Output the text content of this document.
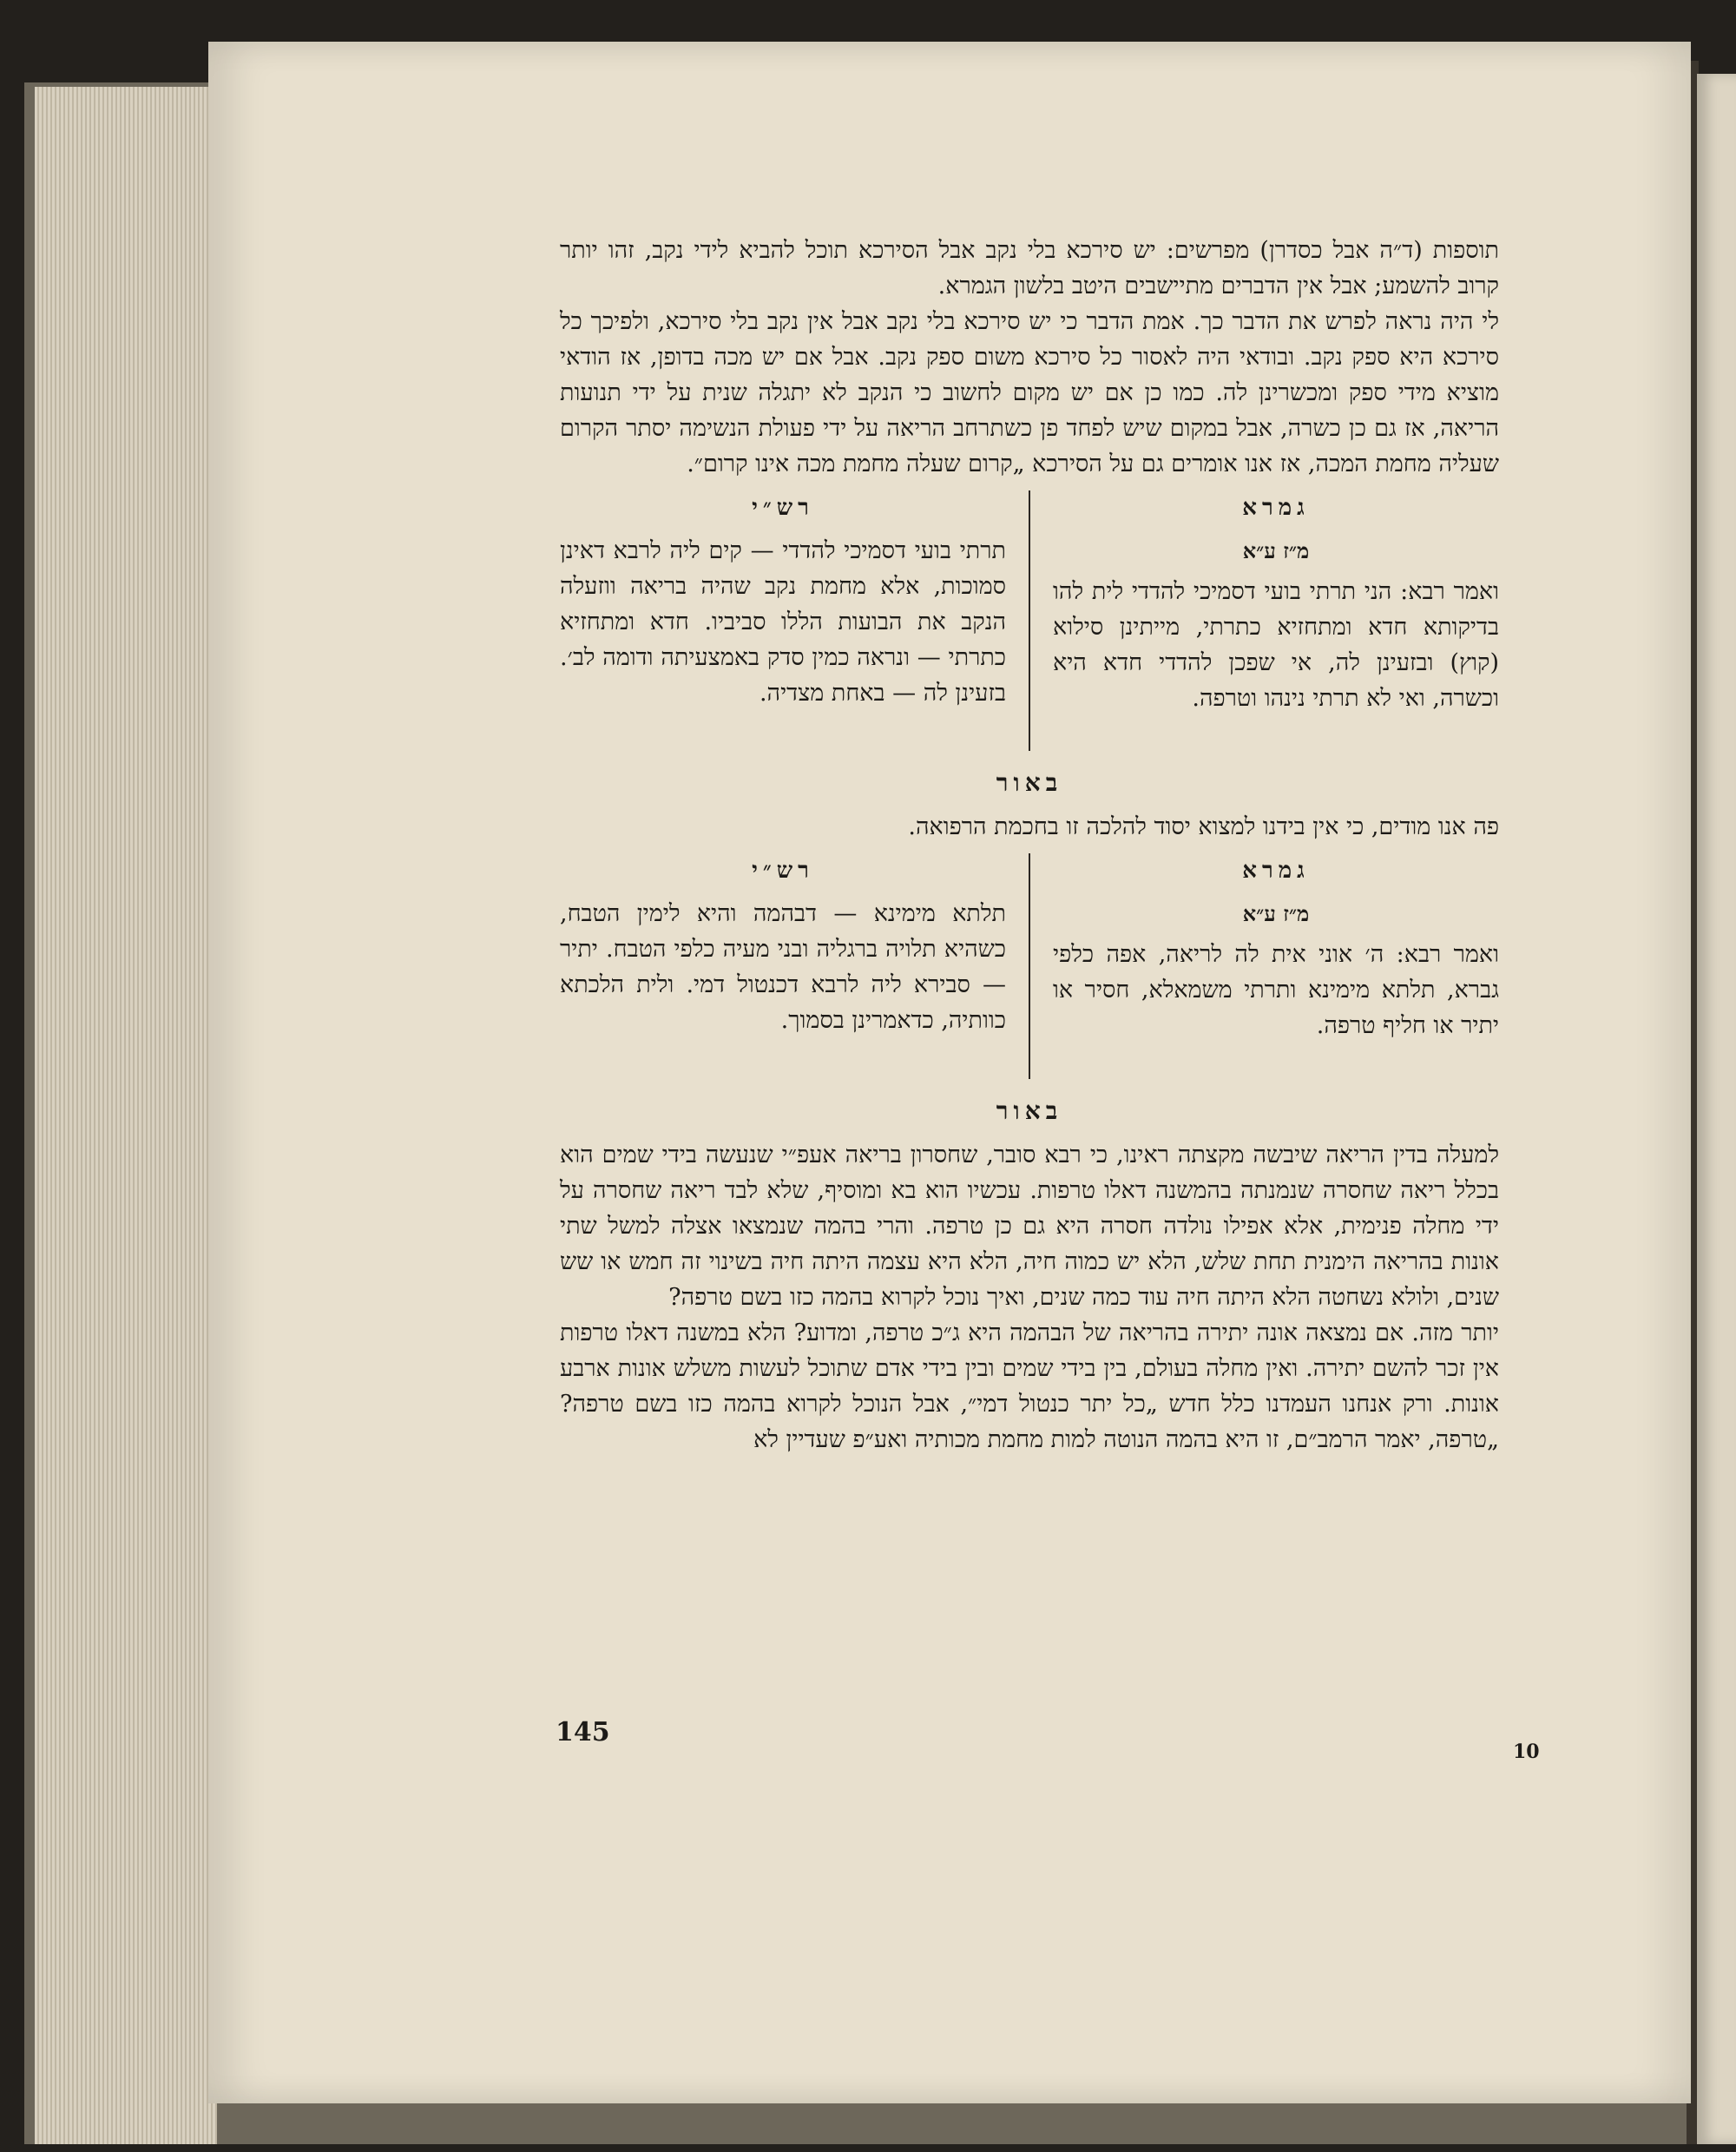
תוספות (ד״ה אבל כסדרן) מפרשים: יש סירכא בלי נקב אבל הסירכא תוכל להביא לידי נקב, זהו יותר קרוב להשמע; אבל אין הדברים מתיישבים היטב בלשון הגמרא.

לי היה נראה לפרש את הדבר כך. אמת הדבר כי יש סירכא בלי נקב אבל אין נקב בלי סירכא, ולפיכך כל סירכא היא ספק נקב. ובודאי היה לאסור כל סירכא משום ספק נקב. אבל אם יש מכה בדופן, אז הודאי מוציא מידי ספק ומכשרינן לה. כמו כן אם יש מקום לחשוב כי הנקב לא יתגלה שנית על ידי תנועות הריאה, אז גם כן כשרה, אבל במקום שיש לפחד פן כשתרחב הריאה על ידי פעולת הנשימה יסתר הקרום שעליה מחמת המכה, אז אנו אומרים גם על הסירכא „קרום שעלה מחמת מכה אינו קרום״.

גמרא
מ״ז ע״א

ואמר רבא: הני תרתי בועי דסמיכי להדדי לית להו בדיקותא חדא ומתחזיא כתרתי, מייתינן סילוא (קוץ) ובזעינן לה, אי שפכן להדדי חדא היא וכשרה, ואי לא תרתי נינהו וטרפה.

רש״י

תרתי בועי דסמיכי להדדי — קים ליה לרבא דאינן סמוכות, אלא מחמת נקב שהיה בריאה ווזעלה הנקב את הבועות הללו סביביו. חדא ומתחזיא כתרתי — ונראה כמין סדק באמצעיתה ודומה לב׳. בזעינן לה — באחת מצדיה.

באור

פה אנו מודים, כי אין בידנו למצוא יסוד להלכה זו בחכמת הרפואה.

גמרא
מ״ז ע״א

ואמר רבא: ה׳ אוני אית לה לריאה, אפה כלפי גברא, תלתא מימינא ותרתי משמאלא, חסיר או יתיר או חליף טרפה.

רש״י

תלתא מימינא — דבהמה והיא לימין הטבח, כשהיא תלויה ברגליה ובני מעיה כלפי הטבח. יתיר — סבירא ליה לרבא דכנטול דמי. ולית הלכתא כוותיה, כדאמרינן בסמוך.

באור

למעלה בדין הריאה שיבשה מקצתה ראינו, כי רבא סובר, שחסרון בריאה אעפ״י שנעשה בידי שמים הוא בכלל ריאה שחסרה שנמנתה בהמשנה דאלו טרפות. עכשיו הוא בא ומוסיף, שלא לבד ריאה שחסרה על ידי מחלה פנימית, אלא אפילו נולדה חסרה היא גם כן טרפה. והרי בהמה שנמצאו אצלה למשל שתי אונות בהריאה הימנית תחת שלש, הלא יש כמוה חיה, הלא היא עצמה היתה חיה בשינוי זה חמש או שש שנים, ולולא נשחטה הלא היתה חיה עוד כמה שנים, ואיך נוכל לקרוא בהמה כזו בשם טרפה?

יותר מזה. אם נמצאה אונה יתירה בהריאה של הבהמה היא ג״כ טרפה, ומדוע? הלא במשנה דאלו טרפות אין זכר להשם יתירה. ואין מחלה בעולם, בין בידי שמים ובין בידי אדם שתוכל לעשות משלש אונות ארבע אונות. ורק אנחנו העמדנו כלל חדש „כל יתר כנטול דמי״, אבל הנוכל לקרוא בהמה כזו בשם טרפה? „טרפה, יאמר הרמב״ם, זו היא בהמה הנוטה למות מחמת מכותיה ואע״פ שעדיין לא

145
10
